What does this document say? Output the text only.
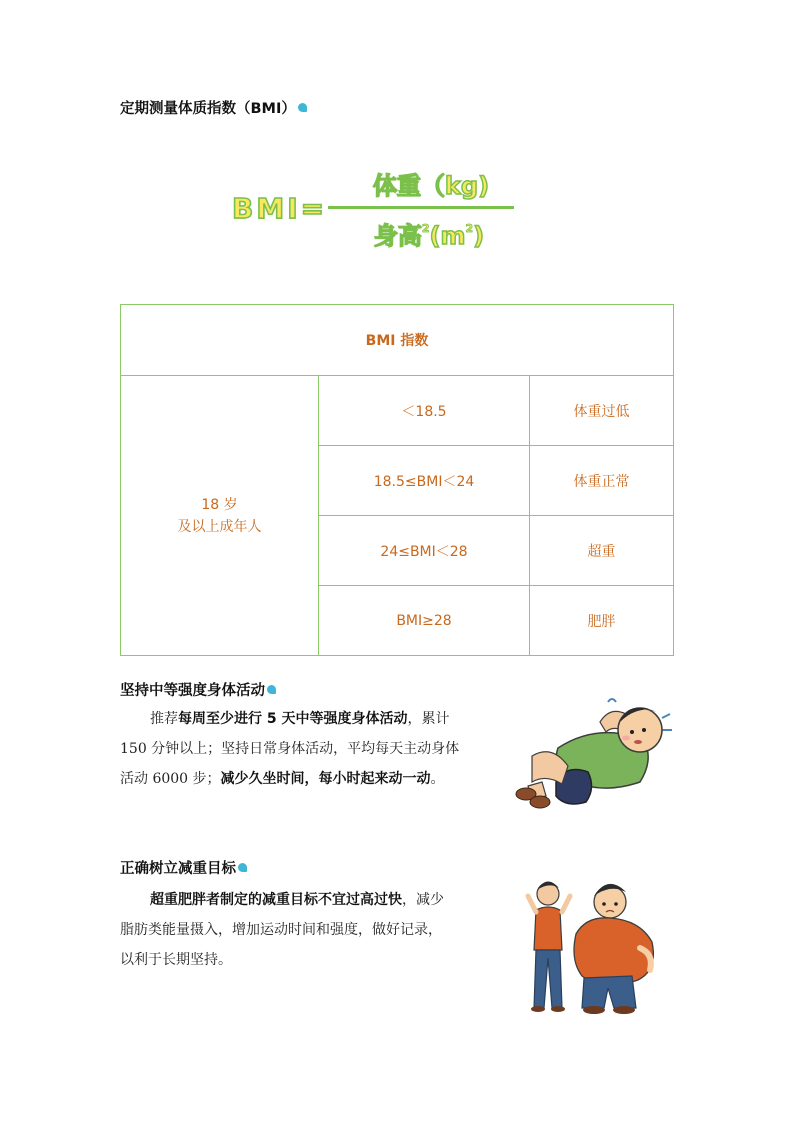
定期测量体质指数（BMI）
BMI=
体重（kg)
身高$^2(m^2)$
BMI 指数		

18 岁
及以上成年人	＜18.5	体重过低
	18.5≤BMI＜24	体重正常
	24≤BMI＜28	超重
	BMI≥28	肥胖
坚持中等强度身体活动
推荐每周至少进行 5 天中等强度身体活动，累计
150 分钟以上；坚持日常身体活动，平均每天主动身体
活动 6000 步；减少久坐时间，每小时起来动一动。
正确树立减重目标
超重肥胖者制定的减重目标不宜过高过快，减少
脂肪类能量摄入，增加运动时间和强度，做好记录，
以利于长期坚持。
